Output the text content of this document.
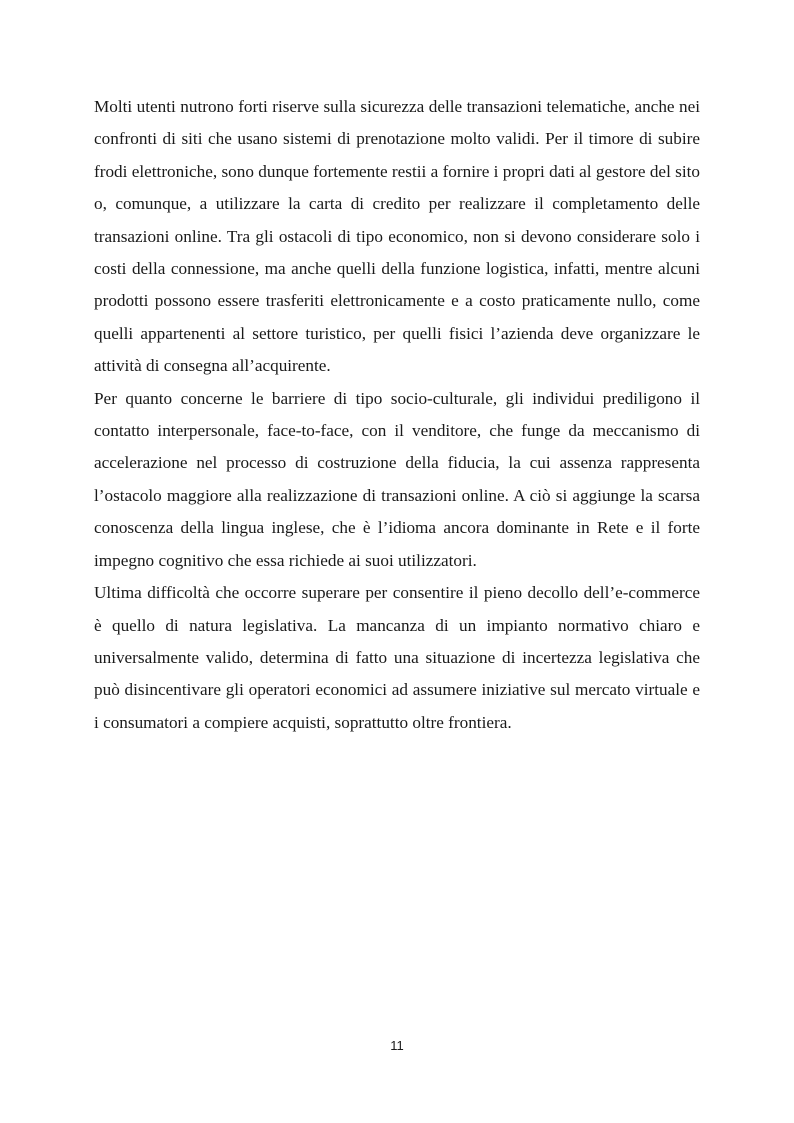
Molti utenti nutrono forti riserve sulla sicurezza delle transazioni telematiche, anche nei confronti di siti che usano sistemi di prenotazione molto validi. Per il timore di subire frodi elettroniche, sono dunque fortemente restii a fornire i propri dati al gestore del sito o, comunque, a utilizzare la carta di credito per realizzare il completamento delle transazioni online. Tra gli ostacoli di tipo economico, non si devono considerare solo i costi della connessione, ma anche quelli della funzione logistica, infatti, mentre alcuni prodotti possono essere trasferiti elettronicamente e a costo praticamente nullo, come quelli appartenenti al settore turistico, per quelli fisici l’azienda deve organizzare le attività di consegna all’acquirente.

Per quanto concerne le barriere di tipo socio-culturale, gli individui prediligono il contatto interpersonale, face-to-face, con il venditore, che funge da meccanismo di accelerazione nel processo di costruzione della fiducia, la cui assenza rappresenta l’ostacolo maggiore alla realizzazione di transazioni online. A ciò si aggiunge la scarsa conoscenza della lingua inglese, che è l’idioma ancora dominante in Rete e il forte impegno cognitivo che essa richiede ai suoi utilizzatori.

Ultima difficoltà che occorre superare per consentire il pieno decollo dell’e-commerce è quello di natura legislativa. La mancanza di un impianto normativo chiaro e universalmente valido, determina di fatto una situazione di incertezza legislativa che può disincentivare gli operatori economici ad assumere iniziative sul mercato virtuale e i consumatori a compiere acquisti, soprattutto oltre frontiera.

11
